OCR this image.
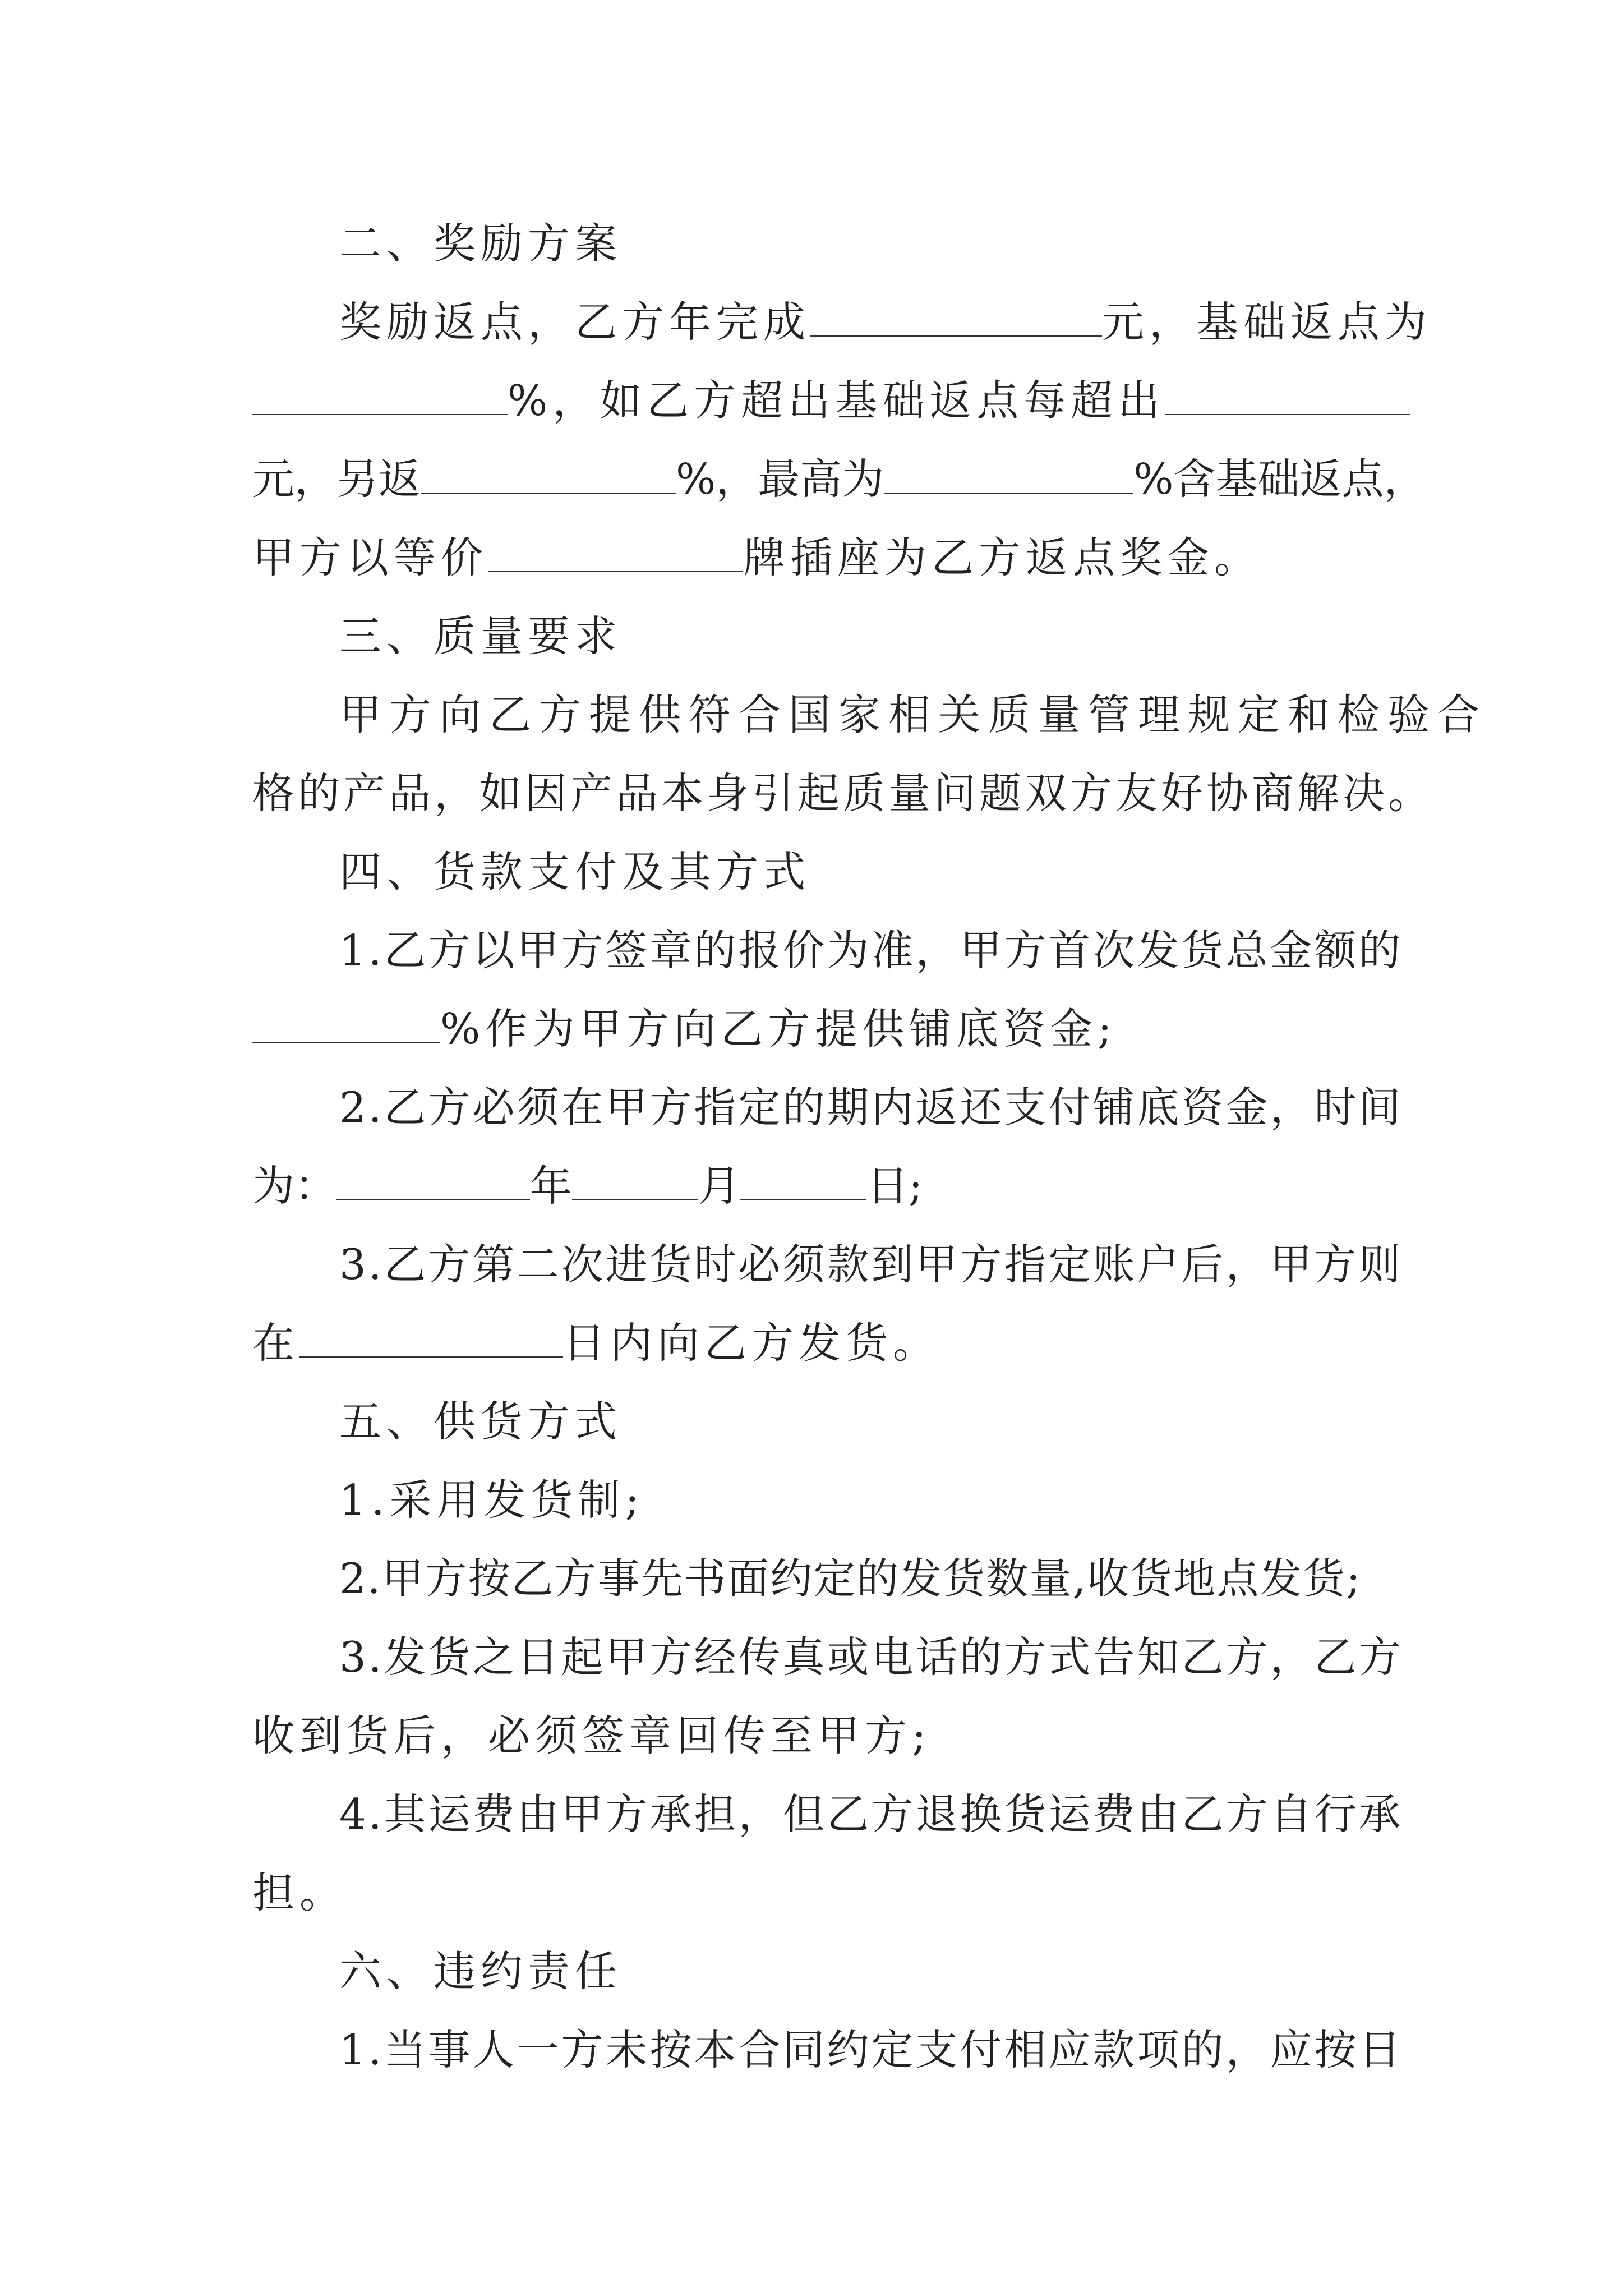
二、奖励方案
奖励返点，乙方年完成	元，基础返点为
%，如乙方超出基础返点每超出
元，另返	%，最高为	%含基础返点，
甲方以等价	牌插座为乙方返点奖金。
三、质量要求
甲方向乙方提供符合国家相关质量管理规定和检验合
格的产品，如因产品本身引起质量问题双方友好协商解决。
四、货款支付及其方式
1.乙方以甲方签章的报价为准，甲方首次发货总金额的
%作为甲方向乙方提供铺底资金;
2.乙方必须在甲方指定的期内返还支付铺底资金，时间
为：	年	月	日;
3.乙方第二次进货时必须款到甲方指定账户后，甲方则
在	日内向乙方发货。
五、供货方式
1.采用发货制;
2.甲方按乙方事先书面约定的发货数量,收货地点发货;
3.发货之日起甲方经传真或电话的方式告知乙方，乙方
收到货后，必须签章回传至甲方;
4.其运费由甲方承担，但乙方退换货运费由乙方自行承
担。
六、违约责任
1.当事人一方未按本合同约定支付相应款项的，应按日
